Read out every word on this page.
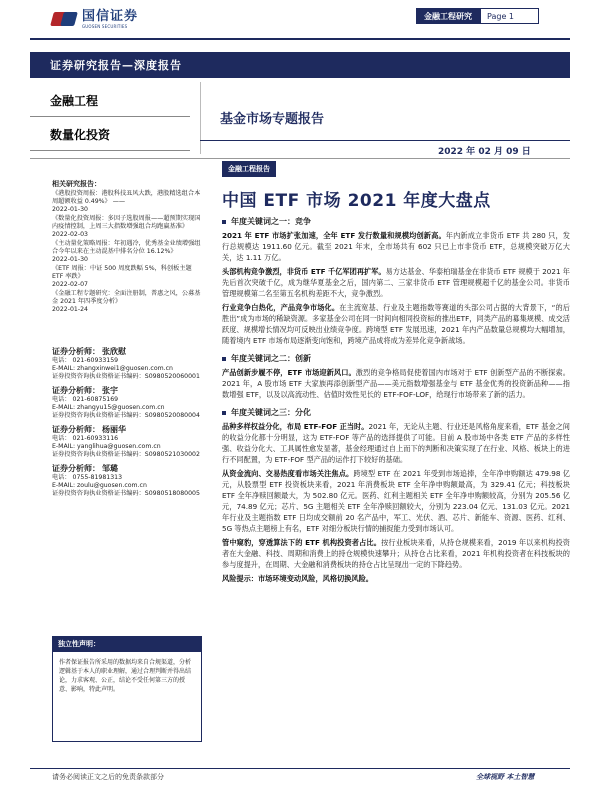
国信证券
GUOSEN SECURITIES
金融工程研究	Page 1
证券研究报告—深度报告
金融工程
数量化投资
基金市场专题报告
2022 年 02 月 09 日
金融工程报告
中国 ETF 市场 2021 年度大盘点
相关研究报告：
《港股投资周报：港股科技표风大跌，港股精选组合本周超额收益 0.49%》 ——
2022-01-30
《数量化投资周报：多因子选股周报——超预期实现国内疫情控制，上周三大指数增强组合均跑赢基准》
2022-02-03
《主动量化策略周报：年初遇冷，优秀基金业绩增强组合今年以来在主动混基中排名分位 16.12%》
2022-01-30
《ETF 周报：中证 500 周度跌幅 5%，科创板主题ETF 率跌》
2022-02-07
《金融工程专题研究：全面注册制，普惠之风，公募基金 2021 年四季度分析》
2022-01-24
证券分析师： 张欣慰
电话： 021-60933159
E-MAIL: zhangxinwei1@guosen.com.cn
证券投资咨询执业资格证书编码：S0980520060001
证券分析师： 张宇
电话： 021-60875169
E-MAIL: zhangyu15@guosen.com.cn
证券投资咨询执业资格证书编码：S0980520080004
证券分析师： 杨丽华
电话： 021-60933116
E-MAIL: yanglihua@guosen.com.cn
证券投资咨询执业资格证书编码：S0980521030002
证券分析师： 邹璐
电话： 0755-81981313
E-MAIL: zoulu@guosen.com.cn
证券投资咨询执业资格证书编码：S0980518080005
独立性声明：
作者保证报告所采用的数据均来自合规渠道，分析逻辑基于本人的职业理解，通过合理判断并得出结论，力求客观、公正，结论不受任何第三方的授意、影响，特此声明。
年度关键词之一：竞争
2021 年 ETF 市场扩张加速，全年 ETF 发行数量和规模均创新高。年内新成立非货币 ETF 共 280 只，发行总规模达 1911.60 亿元。截至 2021 年末，全市场共有 602 只已上市非货币 ETF，总规模突破万亿大关，达 1.11 万亿。
头部机构竞争激烈，非货币 ETF 千亿军团再扩军。易方达基金、华泰柏瑞基金在非货币 ETF 规模于 2021 年先后首次突破千亿，成为继华夏基金之后，国内第二、三家非货币 ETF 管理规模超千亿的基金公司。非货币管理规模第二名至第五名机构差距不大，竞争激烈。
行业竞争白热化，产品竞争市场化。在主流宽基、行业及主题指数等赛道的头部公司占据的大背景下，“的后胜出”成为市场的稀缺资源。多家基金公司在同一时间向相同投资标的推出ETF，同类产品的募集规模、成交活跃度、规模增长情况均可反映出业绩竞争度。跨境型 ETF 发展迅速，2021 年内产品数量总规模均大幅增加，随着境内 ETF 市场布局逐渐变向饱和，跨境产品成将成为差异化竞争新战场。
年度关键词之二：创新
产品创新步履不停，ETF 市场迎新风口。激烈的竞争格局促使着国内市场对于 ETF 创新型产品的不断探索。2021 年，A 股市场 ETF 大家族再添创新型产品——美元指数增强基金与 ETF 基金优秀的投资新品种——指数增强 ETF，以及以高流动性、估值时效性见长的 ETF-FOF-LOF，给现行市场带来了新的活力。
年度关键词之三：分化
品种多样权益分化，布局 ETF-FOF 正当时。2021 年，无论从主题、行业还是风格角度来看，ETF 基金之间的收益分化都十分明显，这为 ETF-FOF 等产品的选择提供了可能。目前 A 股市场中各类 ETF 产品的多样性强、收益分化大、工具属性愈发显著，基金经理通过自上而下的判断和决策实现了在行业、风格、板块上的进行不同配置，为 ETF-FOF 型产品的运作打下较好的基础。
从资金流向、交易热度看市场关注焦点。跨境型 ETF 在 2021 年受到市场追捧，全年净申购额达 479.98 亿元，从股票型 ETF 投资板块来看，2021 年消费板块 ETF 全年净申购额最高，为 329.41 亿元；科技板块 ETF 全年净赎回额最大，为 502.80 亿元。医药、红利主题相关 ETF 全年净申购额较高，分别为 205.56 亿元，74.89 亿元；芯片、5G 主题相关 ETF 全年净赎回额较大，分别为 223.04 亿元、131.03 亿元。2021 年行业及主题指数 ETF 日均成交额前 20 名产品中，军工、光伏、酒、芯片、新能车、资源、医药、红利、5G 等热点主题榜上有名，ETF 对细分板块行情的捕捉能力受到市场认可。
管中窥豹，穿透算法下的 ETF 机构投资者占比。按行业板块来看，从持仓规模来看，2019 年以来机构投资者在大金融、科技、周期和消费上的持仓规模快速攀升；从持仓占比来看，2021 年机构投资者在科技板块的参与度提升，在周期、大金融和消费板块的持仓占比呈现出一定的下降趋势。
风险提示：市场环境变动风险，风格切换风险。
请务必阅读正文之后的免责条款部分	全球视野 本土智慧
